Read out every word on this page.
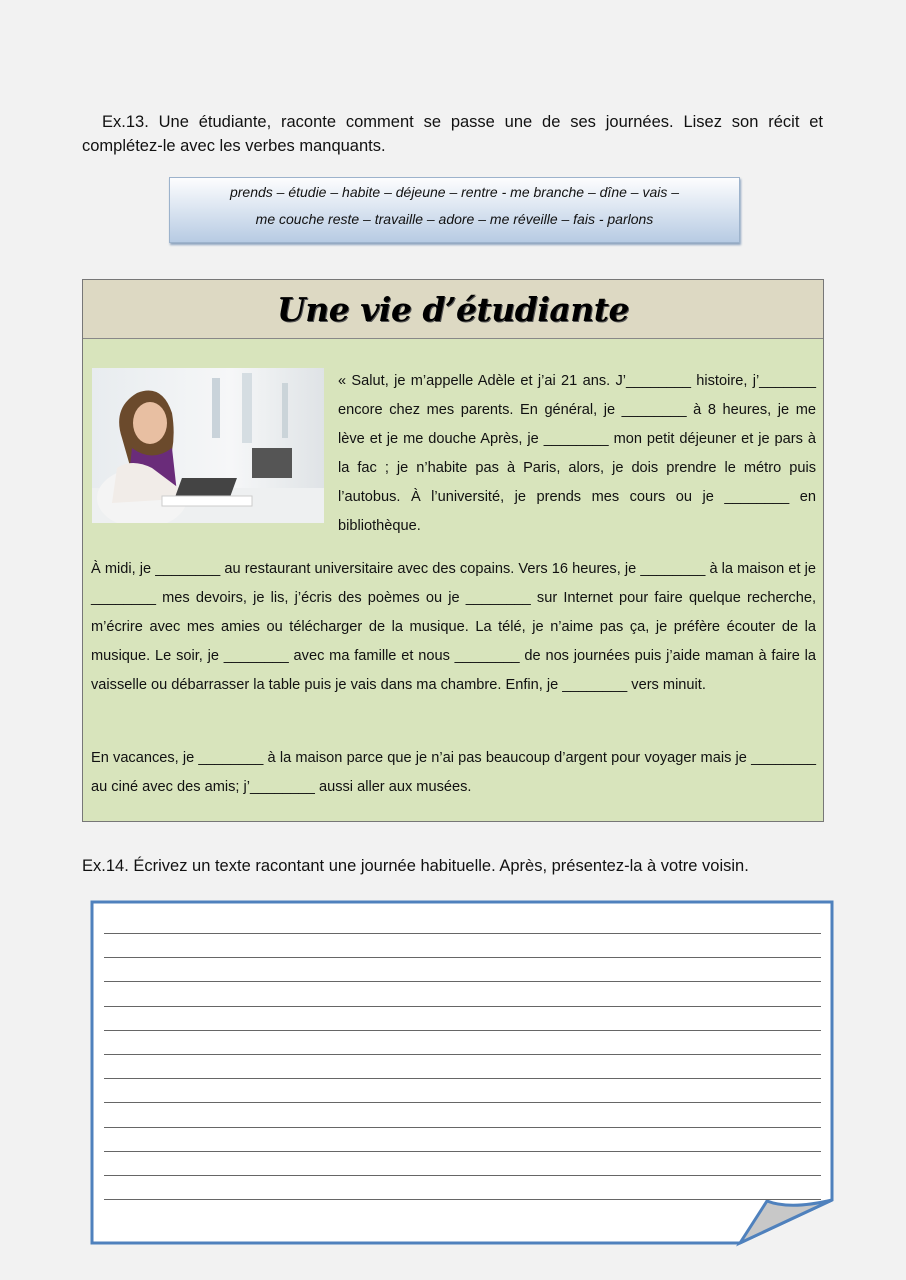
Ex.13. Une étudiante, raconte comment se passe une de ses journées. Lisez son récit et complétez-le avec les verbes manquants.
prends – étudie – habite – déjeune – rentre - me branche – dîne – vais –
me couche reste – travaille – adore – me réveille – fais - parlons
Une vie d’étudiante
« Salut, je m’appelle Adèle et j’ai 21 ans. J’________ histoire, j’_______ encore chez mes parents. En général, je ________ à 8 heures, je me lève et je me douche Après, je ________ mon petit déjeuner et je pars à la fac ; je n’habite pas à Paris, alors, je dois prendre le métro puis l’autobus. À l’université, je prends mes cours ou je ________ en bibliothèque.
À midi, je ________ au restaurant universitaire avec des copains. Vers 16 heures, je ________ à la maison et je ________ mes devoirs, je lis, j’écris des poèmes ou je ________ sur Internet pour faire quelque recherche, m’écrire avec mes amies ou télécharger de la musique. La télé, je n’aime pas ça, je préfère écouter de la musique. Le soir, je ________ avec ma famille et nous ________ de nos journées puis j’aide maman à faire la vaisselle ou débarrasser la table puis je vais dans ma chambre. Enfin, je ________ vers minuit.
En vacances, je ________ à la maison parce que je n’ai pas beaucoup d’argent pour voyager mais je ________ au ciné avec des amis; j’________ aussi aller aux musées.
Ex.14. Écrivez un texte racontant une journée habituelle. Après, présentez-la à votre voisin.
